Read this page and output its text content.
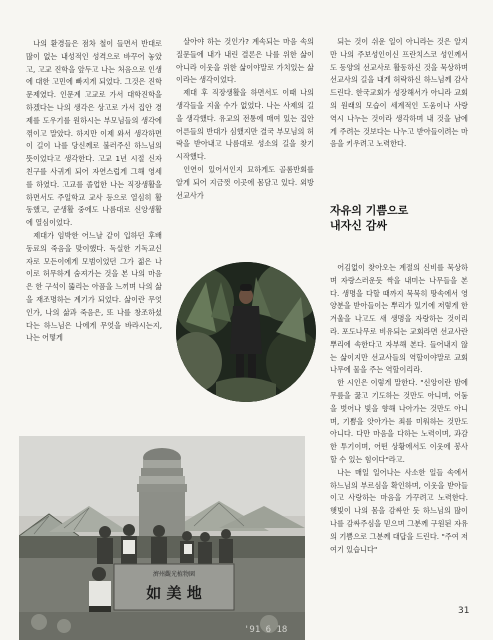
나의 환경들은 점차 철이 들면서 반대로 많이 없는 내성적인 성격으로 바꾸어 놓았고, 고교 진학을 앞두고 나는 처음으로 인생에 대한 고민에 빠지게 되었다. 그것은 진학문제였다. 인문계 고교로 가서 대학진학을 하겠다는 나의 생각은 상고로 가서 집안 경제를 도우기를 원하시는 부모님들의 생각에 꺾이고 말았다. 하지만 이제 와서 생각하면 이 길이 나를 당신께로 불러주신 하느님의 뜻이었다고 생각한다. 고교 1년 시절 신자친구를 사귀게 되어 자연스럽게 그해 영세를 하였다. 고교를 졸업한 나는 직장생활을 하면서도 주일학교 교사 등으로 열심히 활동했고, 군생활 중에도 나름대로 신앙생활에 열심이었다.

제대가 임박한 어느날 같이 입하던 후배 동료의 죽음을 맞이했다. 독실한 기독교신자로 모든이에게 모범이었던 그가 젊은 나이로 허무하게 숨져가는 것을 본 나의 마음은 한 구석이 뚫리는 아픔을 느끼며 나의 삶을 재조명하는 계기가 되었다. 삶이란 무엇인가, 나의 삶과 죽음은, 또 나를 창조하셨다는 하느님은 나에게 무엇을 바라시는지, 나는 어떻게

살아야 하는 것인가? 계속되는 마음 속의 질문들에 내가 내린 결론은 나를 위한 삶이 아니라 이웃을 위한 삶이야말로 가치있는 삶이라는 생각이었다.

제대 후 직장생활을 하면서도 이때 나의 생각들을 지울 수가 없었다. 나는 사제의 길을 생각했다. 유교의 전통에 매여 있는 집안 어른들의 반대가 심했지만 결국 부모님의 허락을 받아내고 나름대로 성소의 길을 찾기 시작했다.

인연이 있어서인지 묘하게도 골롬반회를 알게 되어 지금껏 이곳에 몸담고 있다. 외방선교사가

되는 것이 쉬운 일이 아니라는 것은 알지만 나의 주보성인이신 프란치스코 성인께서도 동양의 선교사로 활동하신 것을 묵상하며 선교사의 길을 내게 허락하신 하느님께 감사드린다. 한국교회가 성장해서가 아니라 교회의 원래의 모습이 세계적인 도움이나 사랑 역시 나누는 것이라 생각하며 내 것을 남에게 주려는 것보다는 나누고 받아들이려는 마음을 키우려고 노력한다.

자유의 기쁨으로
내자신 감싸

어김없이 찾아오는 계절의 신비를 묵상하며 자랑스러운듯 싹을 내미는 나무들을 본다. 생명을 다할 때까지 묵묵히 땅속에서 영양분을 받아들이는 뿌리가 있기에 저렇게 한 겨울을 나고도 새 생명을 자랑하는 것이리라. 포도나무로 비유되는 교회라면 선교사란 뿌리에 속한다고 자부해 본다. 들어내지 않는 삶이지만 선교사들의 역할이야말로 교회나무에 물을 주는 역할이리라.

한 시인은 이렇게 말한다. "신앙이란 밤에 무릎을 꿇고 기도하는 것만도 아니며, 어둠을 벗어나 빛을 향해 나아가는 것만도 아니며, 기쁨을 앗아가는 죄를 미워하는 것만도 아니다. 다만 마음을 다하는 노력이며, 과감한 투기이며, 어떤 상황에서도 이웃에 봉사할 수 있는 힘이다"라고.

나는 매일 일어나는 사소한 일들 속에서 하느님의 부르심을 확인하며, 이웃을 받아들이고 사랑하는 마음을 가꾸려고 노력한다. 햇빛이 나의 몸을 감싸안 듯 하느님의 많이 나를 감싸주심을 믿으며 그분께 구원된 자유의 기쁨으로 그분께 대답을 드린다. "주여 저 여기 있습니다"

濟州觀光植物園
如 美 地
'91 6 18
31
